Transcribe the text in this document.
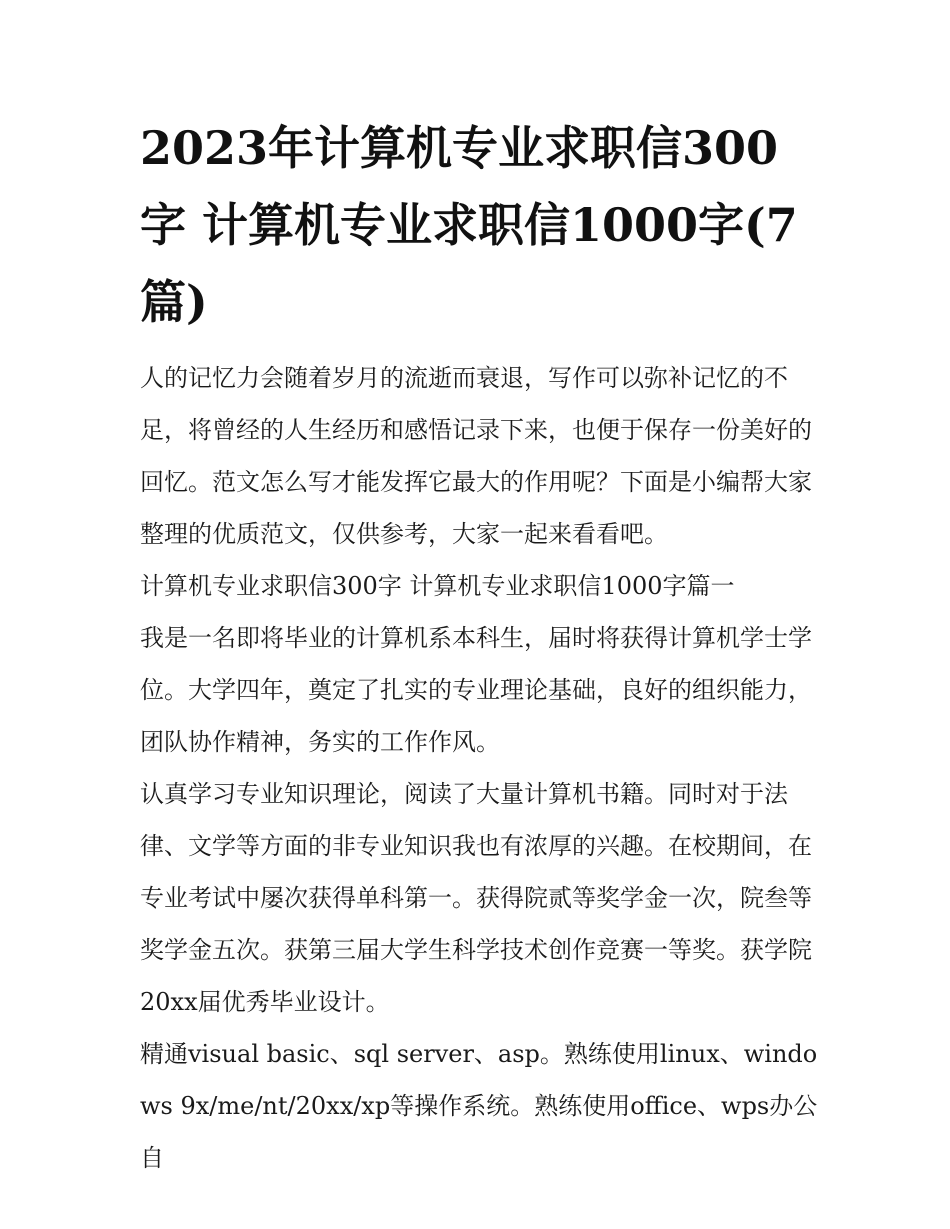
2023年计算机专业求职信300字 计算机专业求职信1000字(7篇)

人的记忆力会随着岁月的流逝而衰退，写作可以弥补记忆的不足，将曾经的人生经历和感悟记录下来，也便于保存一份美好的回忆。范文怎么写才能发挥它最大的作用呢？下面是小编帮大家整理的优质范文，仅供参考，大家一起来看看吧。

计算机专业求职信300字 计算机专业求职信1000字篇一

我是一名即将毕业的计算机系本科生，届时将获得计算机学士学位。大学四年，奠定了扎实的专业理论基础，良好的组织能力，团队协作精神，务实的工作作风。

认真学习专业知识理论，阅读了大量计算机书籍。同时对于法律、文学等方面的非专业知识我也有浓厚的兴趣。在校期间，在专业考试中屡次获得单科第一。获得院贰等奖学金一次，院叁等奖学金五次。获第三届大学生科学技术创作竞赛一等奖。获学院20xx届优秀毕业设计。

精通visual basic、sql server、asp。熟练使用linux、windows 9x/me/nt/20xx/xp等操作系统。熟练使用office、wps办公自
